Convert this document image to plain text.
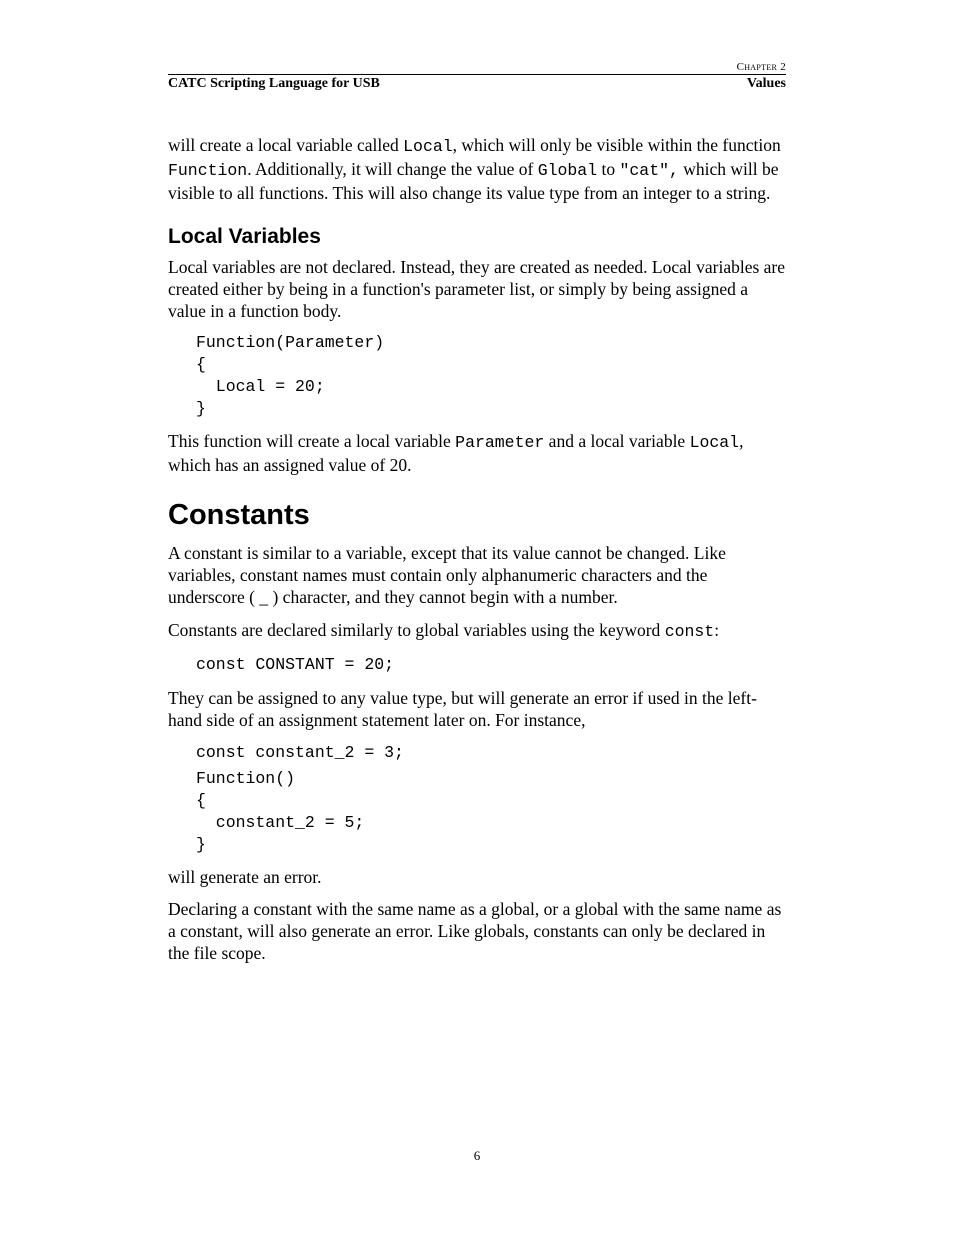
Chapter 2
CATC Scripting Language for USB	Values

will create a local variable called Local, which will only be visible within the function Function. Additionally, it will change the value of Global to "cat", which will be visible to all functions. This will also change its value type from an integer to a string.

Local Variables

Local variables are not declared. Instead, they are created as needed. Local variables are created either by being in a function's parameter list, or simply by being assigned a value in a function body.

Function(Parameter)
{
Local = 20;
}

This function will create a local variable Parameter and a local variable Local, which has an assigned value of 20.

Constants

A constant is similar to a variable, except that its value cannot be changed. Like variables, constant names must contain only alphanumeric characters and the underscore ( _ ) character, and they cannot begin with a number.

Constants are declared similarly to global variables using the keyword const:

const CONSTANT = 20;

They can be assigned to any value type, but will generate an error if used in the left-hand side of an assignment statement later on. For instance,

const constant_2 = 3;
Function()
{
constant_2 = 5;
}

will generate an error.

Declaring a constant with the same name as a global, or a global with the same name as a constant, will also generate an error. Like globals, constants can only be declared in the file scope.

6
